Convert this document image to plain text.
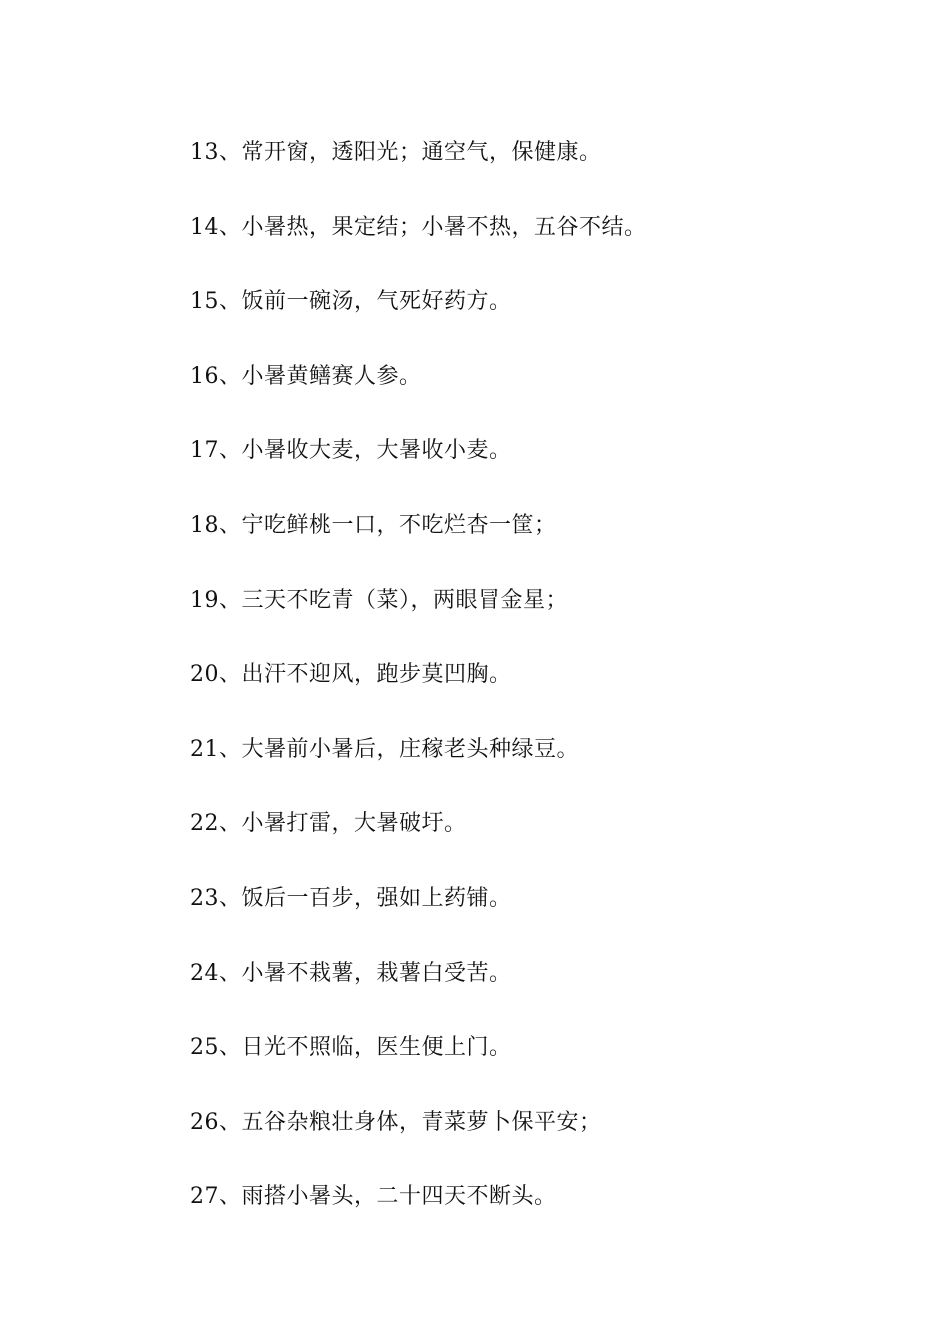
13、常开窗，透阳光；通空气，保健康。
14、小暑热，果定结；小暑不热，五谷不结。
15、饭前一碗汤，气死好药方。
16、小暑黄鳝赛人参。
17、小暑收大麦，大暑收小麦。
18、宁吃鲜桃一口，不吃烂杏一筐；
19、三天不吃青（菜），两眼冒金星；
20、出汗不迎风，跑步莫凹胸。
21、大暑前小暑后，庄稼老头种绿豆。
22、小暑打雷，大暑破圩。
23、饭后一百步，强如上药铺。
24、小暑不栽薯，栽薯白受苦。
25、日光不照临，医生便上门。
26、五谷杂粮壮身体，青菜萝卜保平安；
27、雨搭小暑头，二十四天不断头。
